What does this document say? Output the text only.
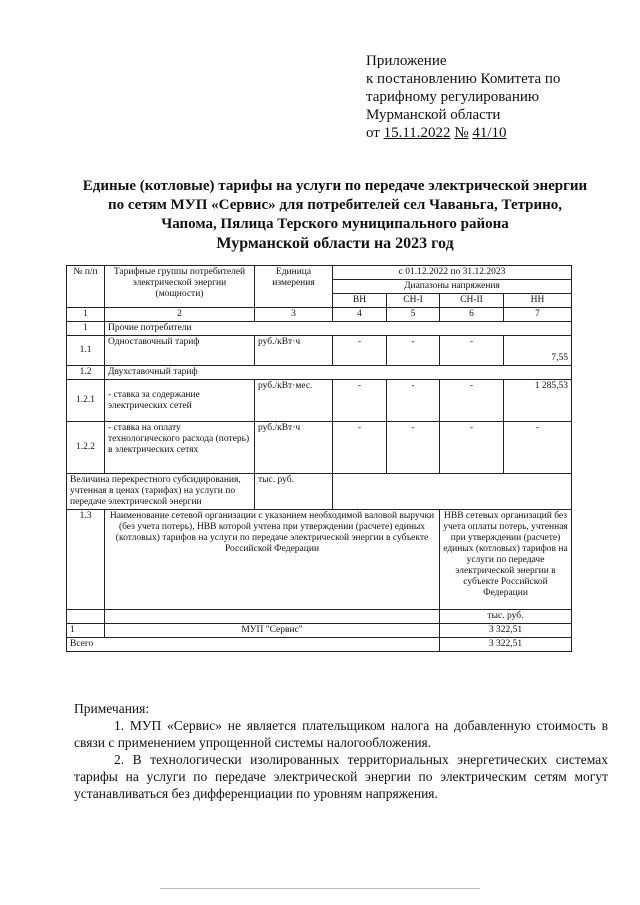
Приложение
к постановлению Комитета по
тарифному регулированию
Мурманской области
от 15.11.2022 № 41/10
Единые (котловые) тарифы на услуги по передаче электрической энергии
по сетям МУП «Сервис» для потребителей сел Чаваньга, Тетрино,
Чапома, Пялица Терского муниципального района
Мурманской области на 2023 год
№ п/п	Тарифные группы потребителей электрической энергии (мощности)	Единица измерения	с 01.12.2022 по 31.12.2023			
			Диапазоны напряжения			
			ВН	СН-I	СН-II	НН
1	2	3	4	5	6	7
1	Прочие потребители					
1.1	Одноставочный тариф	руб./кВт·ч	-	-	-	7,55
1.2	Двухставочный тариф					
1.2.1	- ставка за содержание электрических сетей	руб./кВт·мес.	-	-	-	1 285,53
1.2.2	- ставка на оплату технологического расхода (потерь) в электрических сетях	руб./кВт·ч	-	-	-	-
Величина перекрестного субсидирования, учтенная в ценах (тарифах) на услуги по передаче электрической энергии		тыс. руб.				
1.3	Наименование сетевой организации с указанием необходимой валовой выручки (без учета потерь), НВВ которой учтена при утверждении (расчете) единых (котловых) тарифов на услуги по передаче электрической энергии в субъекте Российской Федерации				НВВ сетевых организаций без учета оплаты потерь, учтенная при утверждении (расчете) единых (котловых) тарифов на услуги по передаче электрической энергии в субъекте Российской Федерации	
					тыс. руб.	
1	МУП "Сервис"				3 322,51	
Всего					3 322,51	

Примечания:

1. МУП «Сервис» не является плательщиком налога на добавленную стоимость в связи с применением упрощенной системы налогообложения.

2. В технологически изолированных территориальных энергетических системах тарифы на услуги по передаче электрической энергии по электрическим сетям могут устанавливаться без дифференциации по уровням напряжения.
